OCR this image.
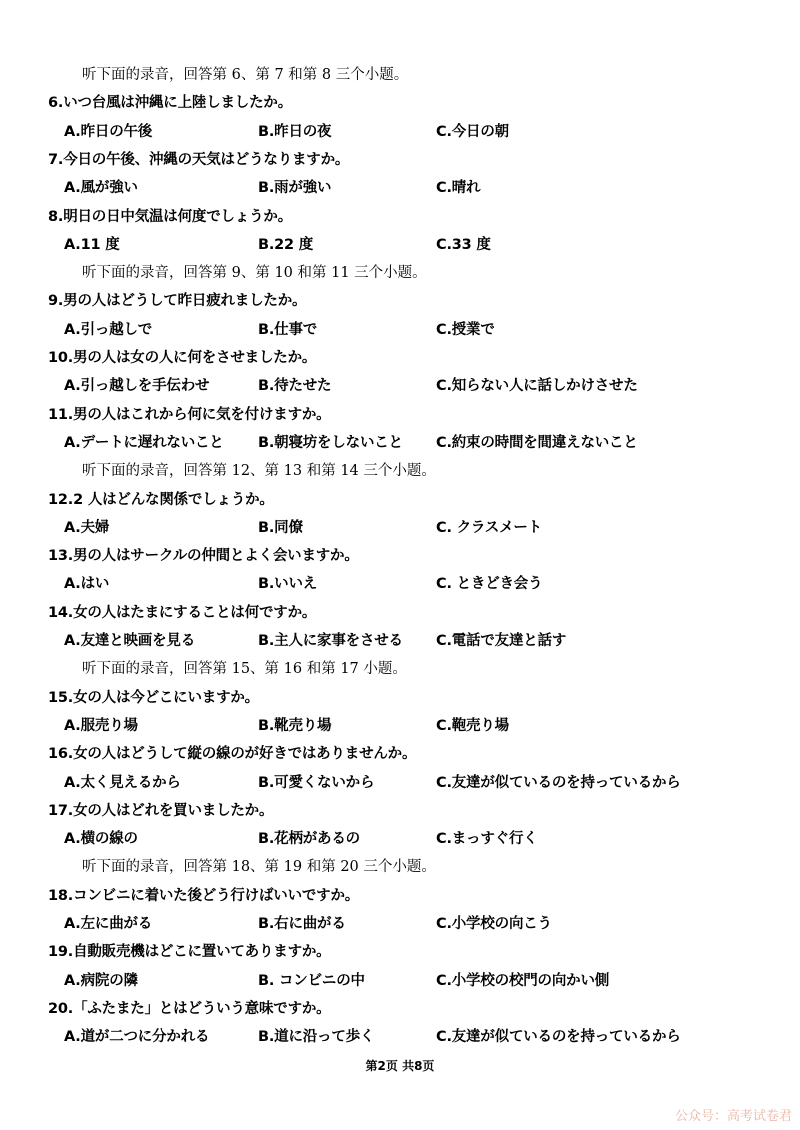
听下面的录音，回答第 6、第 7 和第 8 三个小题。
6.いつ台風は沖縄に上陸しましたか。
A.昨日の午後	B.昨日の夜	C.今日の朝
7.今日の午後、沖縄の天気はどうなりますか。
A.風が強い	B.雨が強い	C.晴れ
8.明日の日中気温は何度でしょうか。
A.11 度	B.22 度	C.33 度
听下面的录音，回答第 9、第 10 和第 11 三个小题。
9.男の人はどうして昨日疲れましたか。
A.引っ越しで	B.仕事で	C.授業で
10.男の人は女の人に何をさせましたか。
A.引っ越しを手伝わせ	B.待たせた	C.知らない人に話しかけさせた
11.男の人はこれから何に気を付けますか。
A.デートに遅れないこと B.朝寝坊をしないこと C.約束の時間を間違えないこと
听下面的录音，回答第 12、第 13 和第 14 三个小题。
12.2 人はどんな関係でしょうか。
A.夫婦	B.同僚	C. クラスメート
13.男の人はサークルの仲間とよく会いますか。
A.はい	B.いいえ	C. ときどき会う
14.女の人はたまにすることは何ですか。
A.友達と映画を見る	B.主人に家事をさせる C.電話で友達と話す
听下面的录音，回答第 15、第 16 和第 17 小题。
15.女の人は今どこにいますか。
A.服売り場	B.靴売り場	C.鞄売り場
16.女の人はどうして縦の線のが好きではありませんか。
A.太く見えるから	B.可愛くないから	C.友達が似ているのを持っているから
17.女の人はどれを買いましたか。
A.横の線の	B.花柄があるの	C.まっすぐ行く
听下面的录音，回答第 18、第 19 和第 20 三个小题。
18.コンビニに着いた後どう行けばいいですか。
A.左に曲がる	B.右に曲がる	C.小学校の向こう
19.自動販売機はどこに置いてありますか。
A.病院の隣	B. コンビニの中	C.小学校の校門の向かい側
20.「ふたまた」とはどういう意味ですか。
A.道が二つに分かれる	B.道に沿って歩く	C.友達が似ているのを持っているから
第2页 共8页
公众号：高考试卷君
